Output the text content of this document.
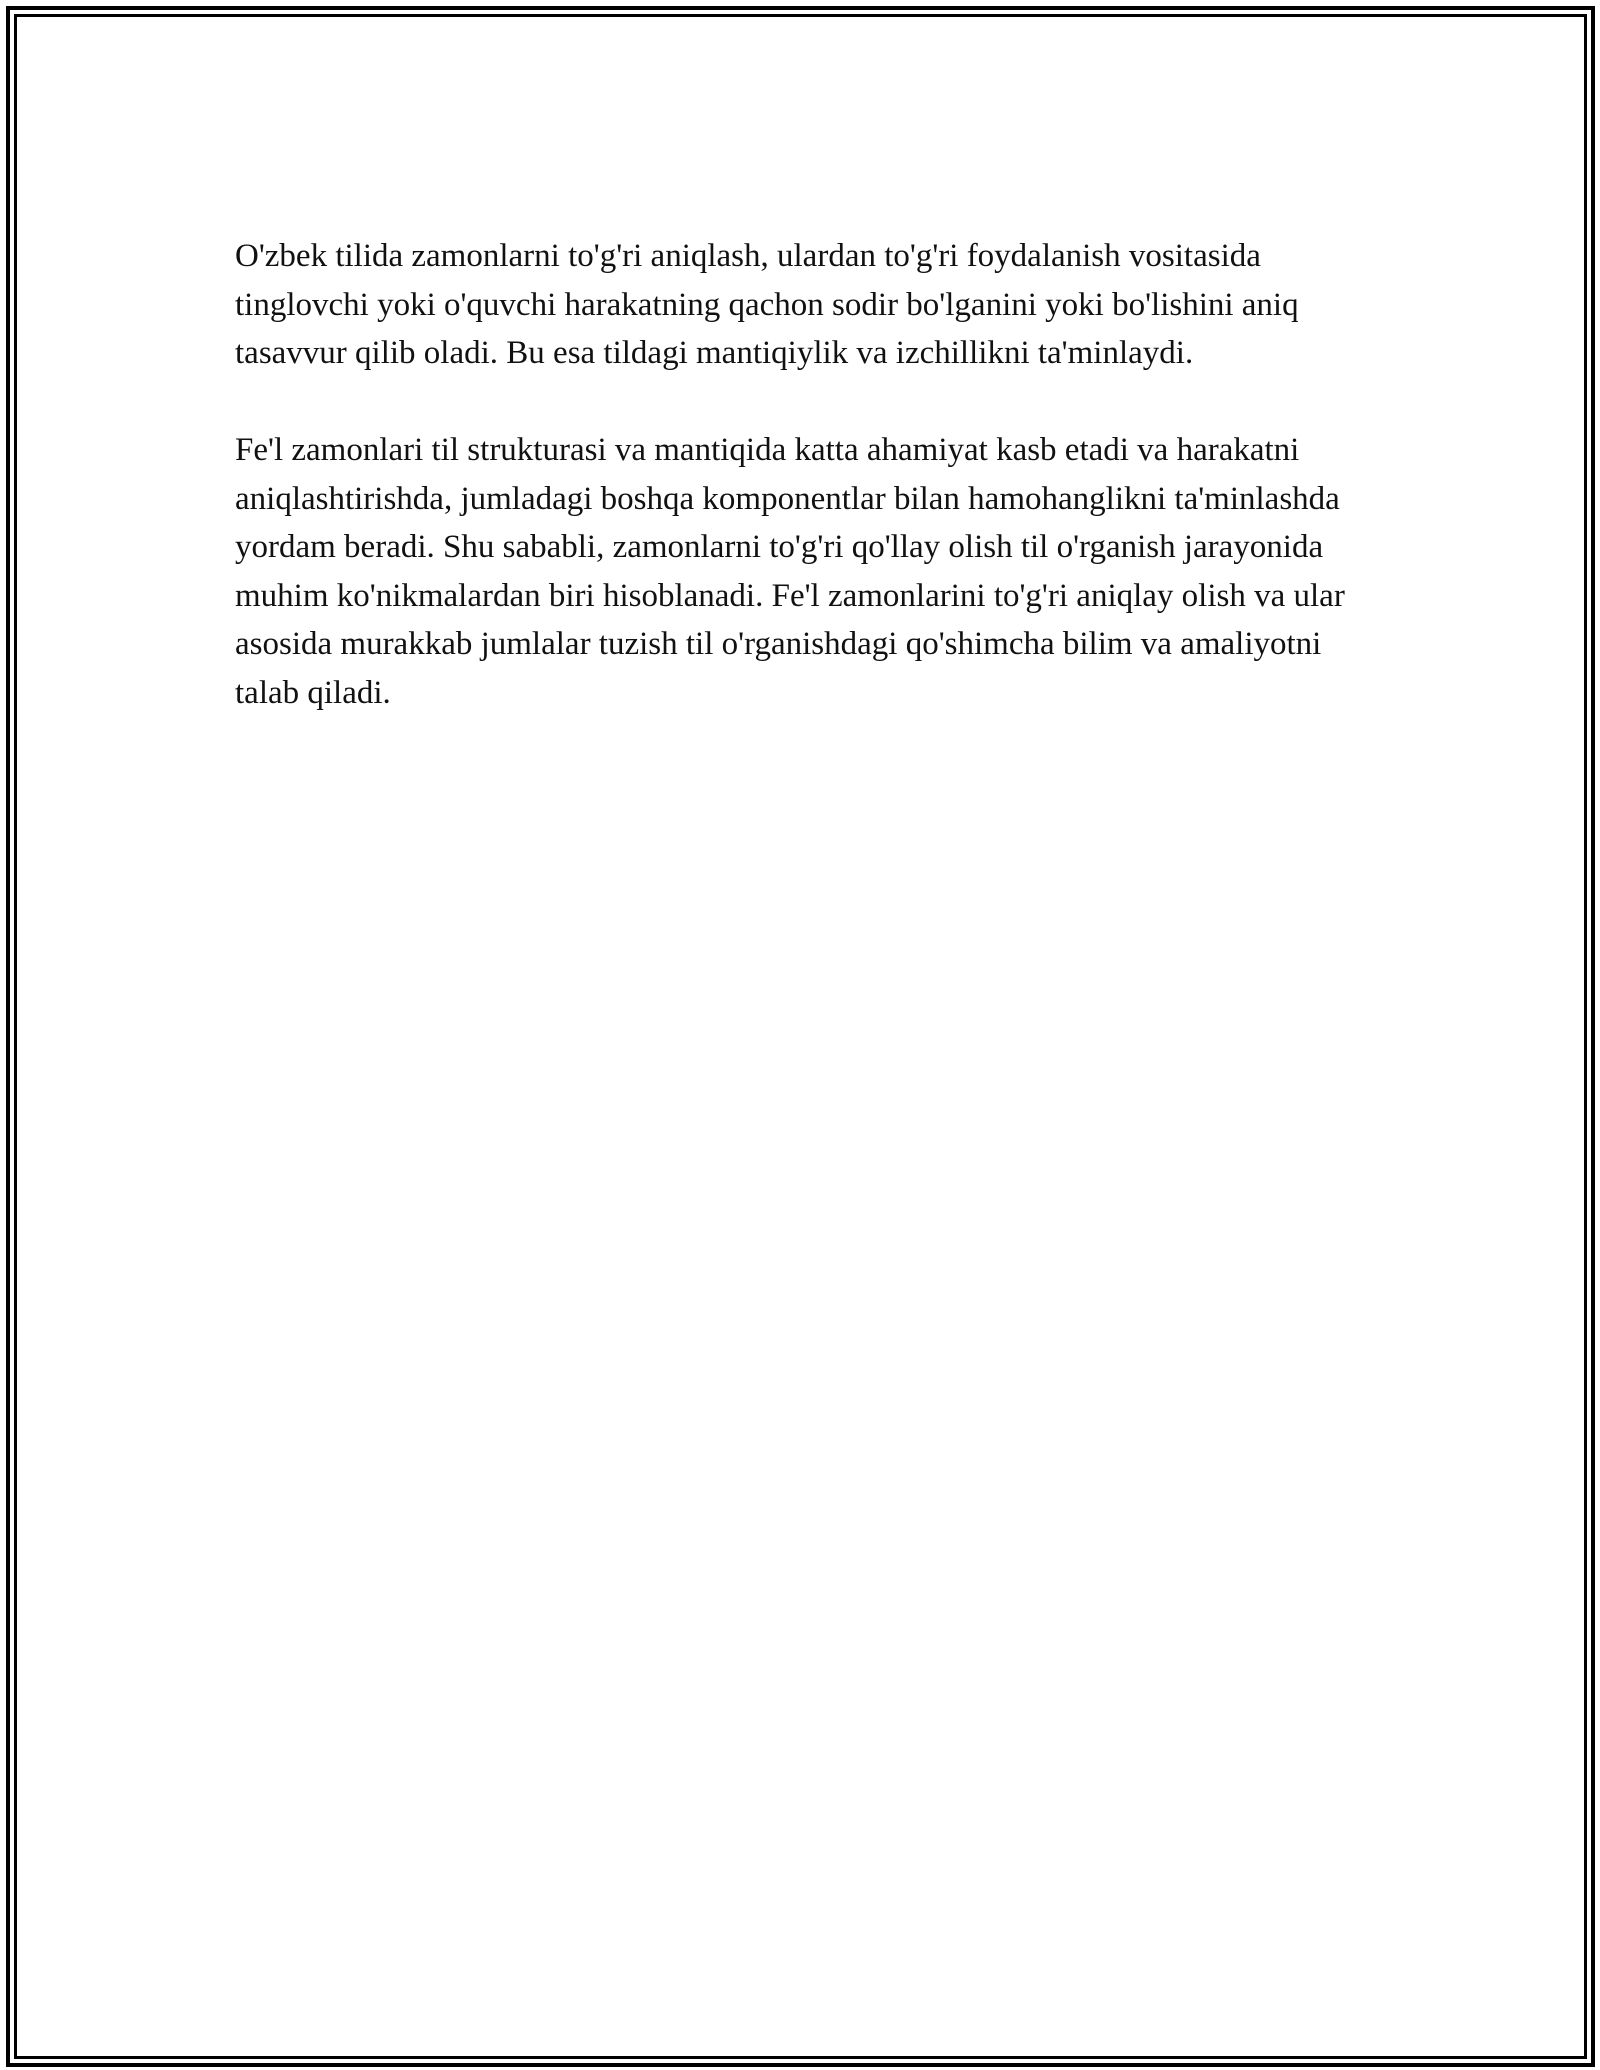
O'zbek tilida zamonlarni to'g'ri aniqlash, ulardan to'g'ri foydalanish vositasida tinglovchi yoki o'quvchi harakatning qachon sodir bo'lganini yoki bo'lishini aniq tasavvur qilib oladi. Bu esa tildagi mantiqiylik va izchillikni ta'minlaydi.

Fe'l zamonlari til strukturasi va mantiqida katta ahamiyat kasb etadi va harakatni aniqlashtirishda, jumladagi boshqa komponentlar bilan hamohanglikni ta'minlashda yordam beradi. Shu sababli, zamonlarni to'g'ri qo'llay olish til o'rganish jarayonida muhim ko'nikmalardan biri hisoblanadi. Fe'l zamonlarini to'g'ri aniqlay olish va ular asosida murakkab jumlalar tuzish til o'rganishdagi qo'shimcha bilim va amaliyotni talab qiladi.
